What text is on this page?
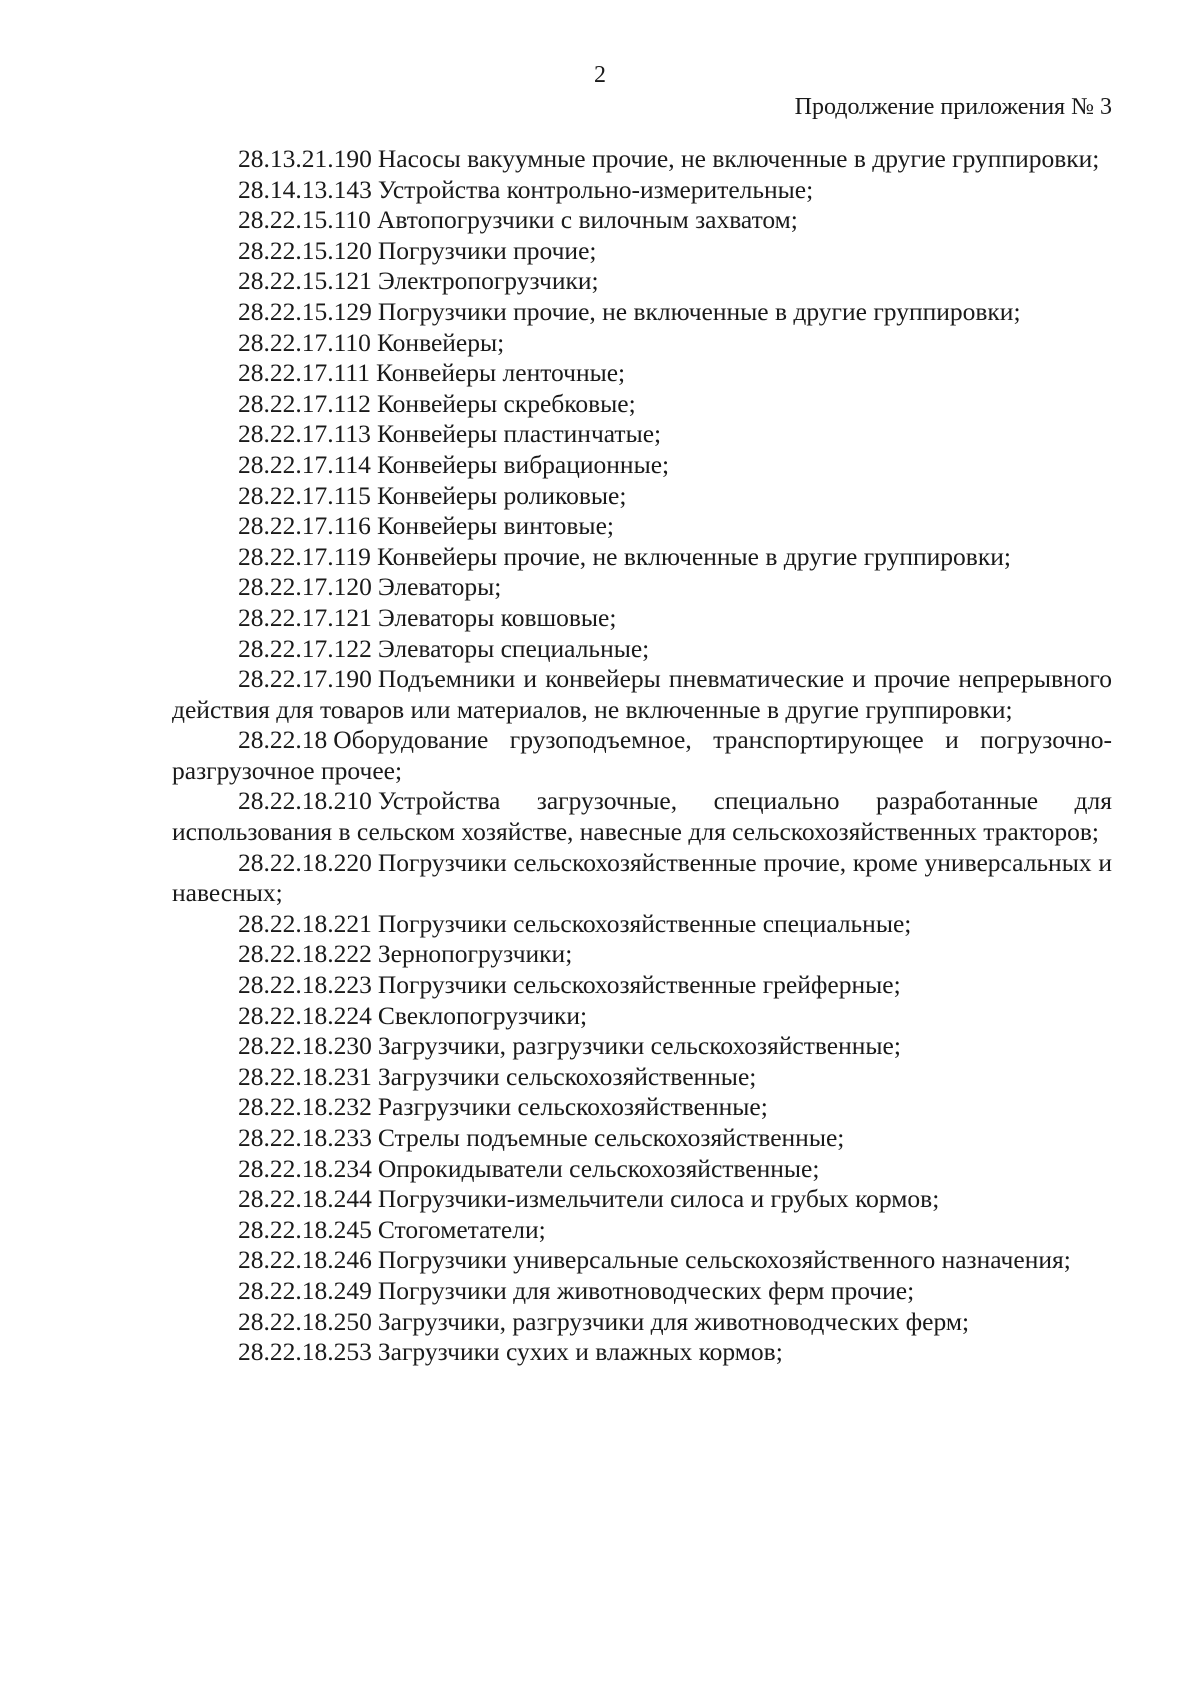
2
Продолжение приложения № 3

28.13.21.190 Насосы вакуумные прочие, не включенные в другие группировки;

28.14.13.143 Устройства контрольно-измерительные;

28.22.15.110 Автопогрузчики с вилочным захватом;

28.22.15.120 Погрузчики прочие;

28.22.15.121 Электропогрузчики;

28.22.15.129 Погрузчики прочие, не включенные в другие группировки;

28.22.17.110 Конвейеры;

28.22.17.111 Конвейеры ленточные;

28.22.17.112 Конвейеры скребковые;

28.22.17.113 Конвейеры пластинчатые;

28.22.17.114 Конвейеры вибрационные;

28.22.17.115 Конвейеры роликовые;

28.22.17.116 Конвейеры винтовые;

28.22.17.119 Конвейеры прочие, не включенные в другие группировки;

28.22.17.120 Элеваторы;

28.22.17.121 Элеваторы ковшовые;

28.22.17.122 Элеваторы специальные;

28.22.17.190 Подъемники и конвейеры пневматические и прочие непрерывного действия для товаров или материалов, не включенные в другие группировки;

28.22.18 Оборудование грузоподъемное, транспортирующее и погрузочно-разгрузочное прочее;

28.22.18.210 Устройства загрузочные, специально разработанные для использования в сельском хозяйстве, навесные для сельскохозяйственных тракторов;

28.22.18.220 Погрузчики сельскохозяйственные прочие, кроме универсальных и навесных;

28.22.18.221 Погрузчики сельскохозяйственные специальные;

28.22.18.222 Зернопогрузчики;

28.22.18.223 Погрузчики сельскохозяйственные грейферные;

28.22.18.224 Свеклопогрузчики;

28.22.18.230 Загрузчики, разгрузчики сельскохозяйственные;

28.22.18.231 Загрузчики сельскохозяйственные;

28.22.18.232 Разгрузчики сельскохозяйственные;

28.22.18.233 Стрелы подъемные сельскохозяйственные;

28.22.18.234 Опрокидыватели сельскохозяйственные;

28.22.18.244 Погрузчики-измельчители силоса и грубых кормов;

28.22.18.245 Стогометатели;

28.22.18.246 Погрузчики универсальные сельскохозяйственного назначения;

28.22.18.249 Погрузчики для животноводческих ферм прочие;

28.22.18.250 Загрузчики, разгрузчики для животноводческих ферм;

28.22.18.253 Загрузчики сухих и влажных кормов;
